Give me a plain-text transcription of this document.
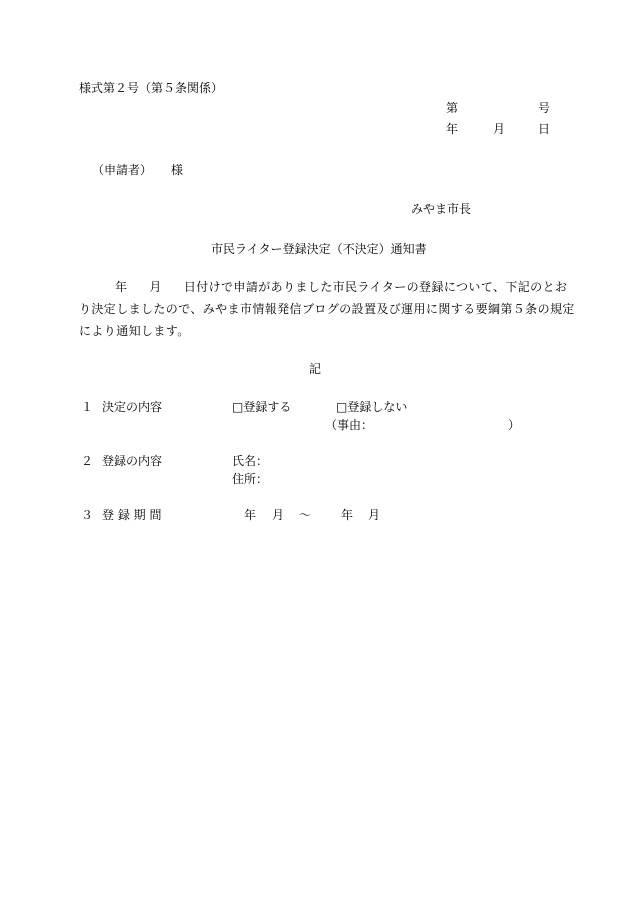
様式第２号（第５条関係）
第	号
年	月	日
（申請者） 様
みやま市長
市民ライター登録決定（不決定）通知書
年 月 日付けで申請がありました市民ライターの登録について、下記のとお
り決定しましたので、みやま市情報発信ブログの設置及び運用に関する要綱第５条の規定
により通知します。
記
１ 決定の内容	□登録する	□登録しない
（事由：	）
２ 登録の内容	氏名：
住所：
３ 登 録 期 間	年 月 ～ 年 月
